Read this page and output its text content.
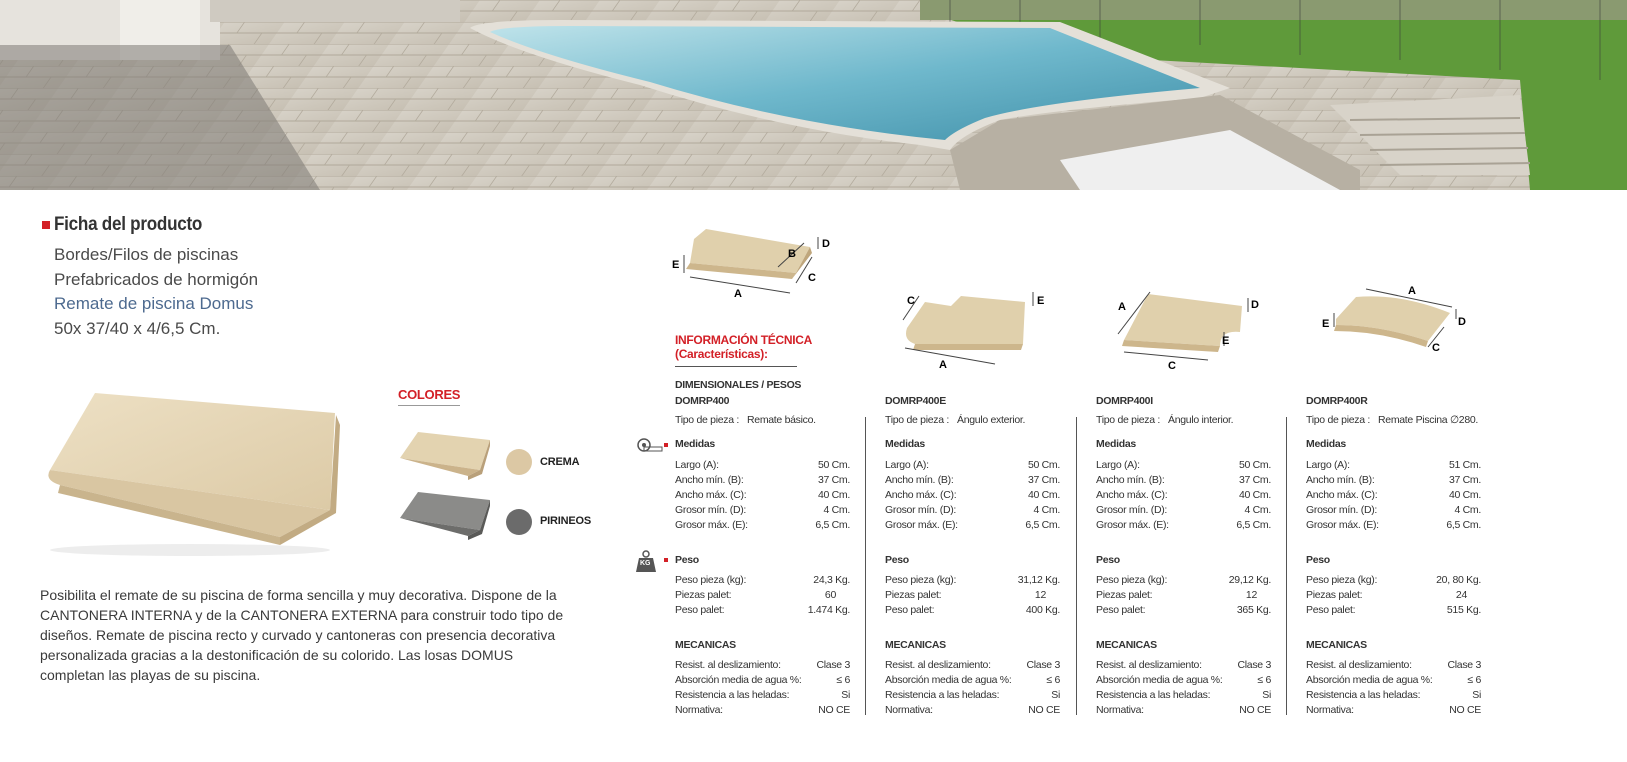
Ficha del producto
Bordes/Filos de piscinas
Prefabricados de hormigón
Remate de piscina Domus
50x 37/40 x 4/6,5 Cm.
COLORES
CREMA
PIRINEOS
Posibilita el remate de su piscina de forma sencilla y muy decorativa. Dispone de la CANTONERA INTERNA y de la CANTONERA EXTERNA para construir todo tipo de diseños. Remate de piscina recto y curvado y cantoneras con presencia decorativa personalizada gracias a la destonificación de su colorido. Las losas DOMUS completan las playas de su piscina.
E
A
B
C
D
C	E
A
A	D
E
C
A
E	D
C
INFORMACIÓN TÉCNICA
(Características):
DIMENSIONALES / PESOS
KG
DOMRP400
Tipo de pieza : Remate básico.
Medidas
Largo (A):	50 Cm.
Ancho mín. (B):	37 Cm.
Ancho máx. (C):	40 Cm.
Grosor mín. (D):	4 Cm.
Grosor máx. (E):	6,5 Cm.
Peso
Peso pieza (kg):	24,3 Kg.
Piezas palet:	60
Peso palet:	1.474 Kg.
MECANICAS
Resist. al deslizamiento:	Clase 3
Absorción media de agua %:	≤ 6
Resistencia a las heladas:	Si
Normativa:	NO CE
DOMRP400E
Tipo de pieza : Ángulo exterior.
Medidas
Largo (A):	50 Cm.
Ancho mín. (B):	37 Cm.
Ancho máx. (C):	40 Cm.
Grosor mín. (D):	4 Cm.
Grosor máx. (E):	6,5 Cm.
Peso
Peso pieza (kg):	31,12 Kg.
Piezas palet:	12
Peso palet:	400 Kg.
MECANICAS
Resist. al deslizamiento:	Clase 3
Absorción media de agua %:	≤ 6
Resistencia a las heladas:	Si
Normativa:	NO CE
DOMRP400I
Tipo de pieza : Ángulo interior.
Medidas
Largo (A):	50 Cm.
Ancho mín. (B):	37 Cm.
Ancho máx. (C):	40 Cm.
Grosor mín. (D):	4 Cm.
Grosor máx. (E):	6,5 Cm.
Peso
Peso pieza (kg):	29,12 Kg.
Piezas palet:	12
Peso palet:	365 Kg.
MECANICAS
Resist. al deslizamiento:	Clase 3
Absorción media de agua %:	≤ 6
Resistencia a las heladas:	Si
Normativa:	NO CE
DOMRP400R
Tipo de pieza : Remate Piscina ∅280.
Medidas
Largo (A):	51 Cm.
Ancho mín. (B):	37 Cm.
Ancho máx. (C):	40 Cm.
Grosor mín. (D):	4 Cm.
Grosor máx. (E):	6,5 Cm.
Peso
Peso pieza (kg):	20, 80 Kg.
Piezas palet:	24
Peso palet:	515 Kg.
MECANICAS
Resist. al deslizamiento:	Clase 3
Absorción media de agua %:	≤ 6
Resistencia a las heladas:	Si
Normativa:	NO CE
